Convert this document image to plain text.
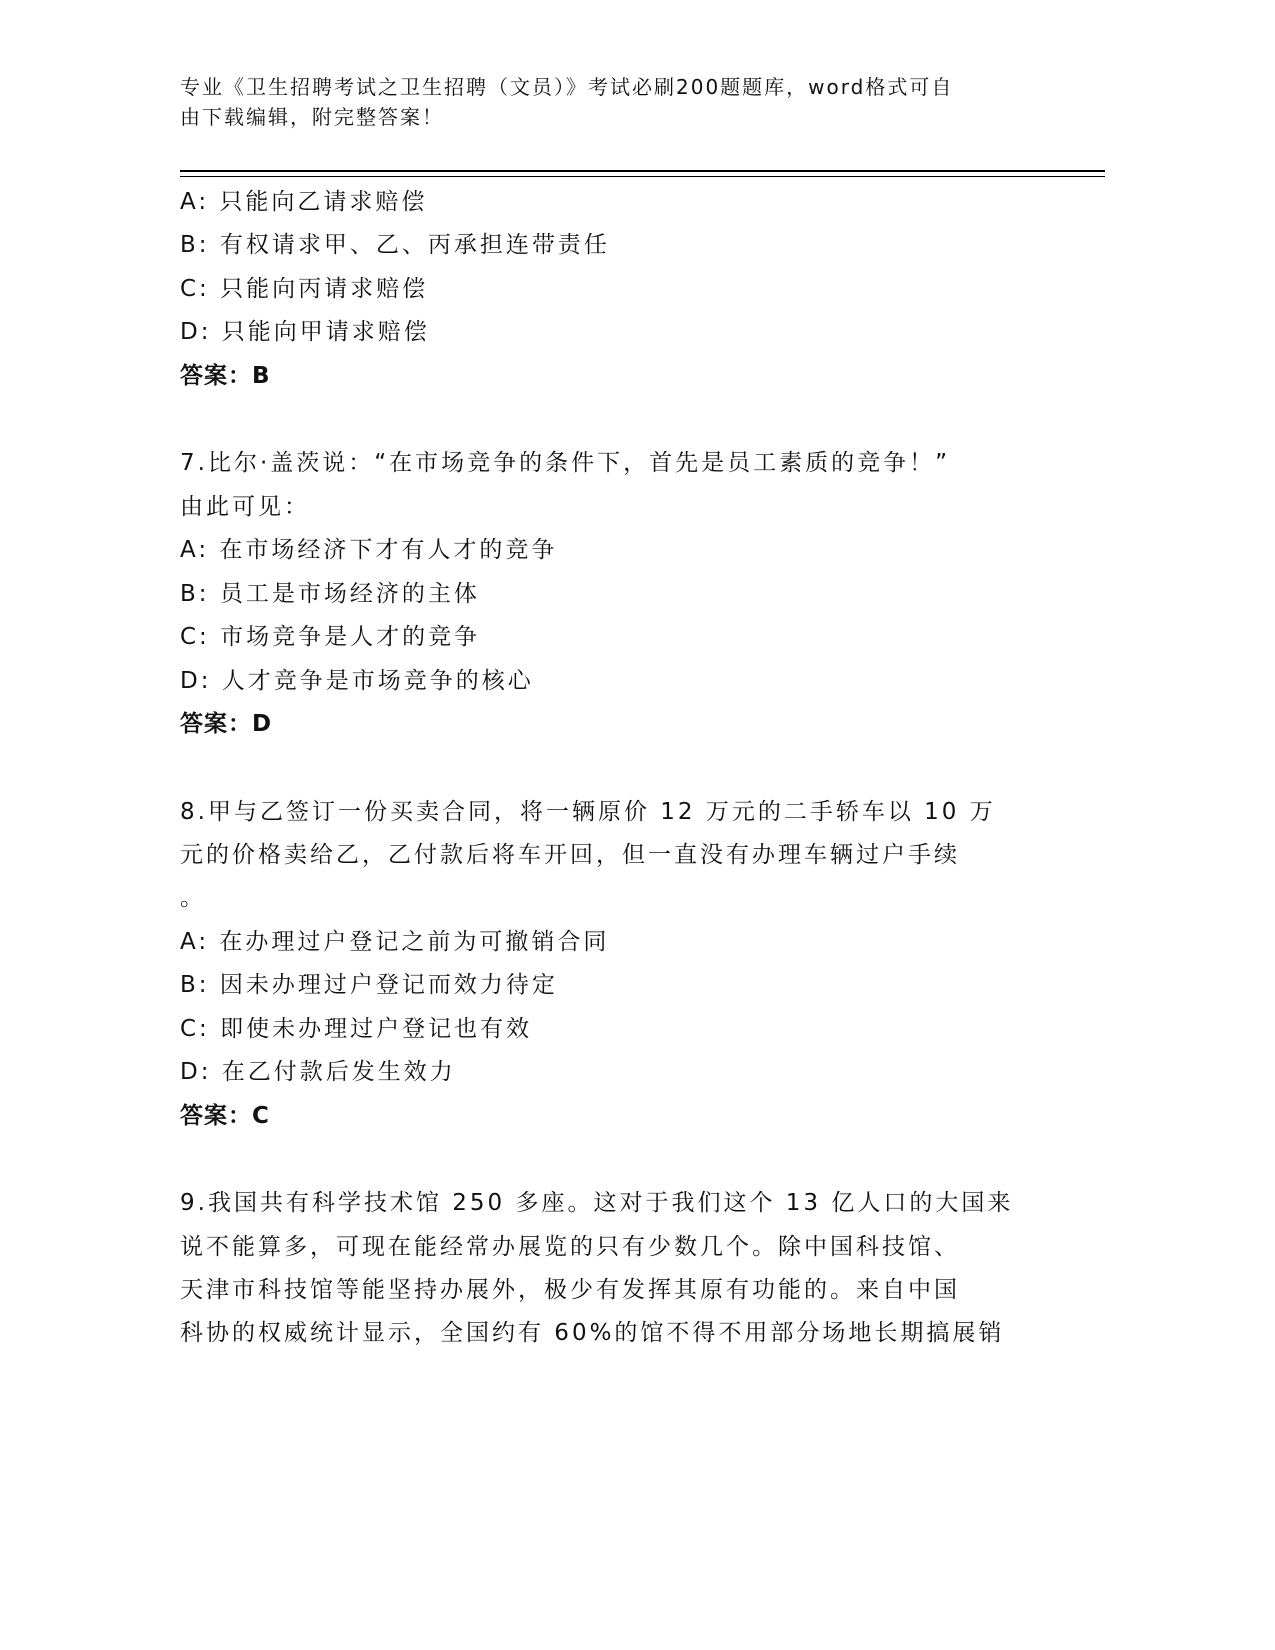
专业《卫生招聘考试之卫生招聘（文员）》考试必刷200题题库，word格式可自
由下载编辑，附完整答案！
A: 只能向乙请求赔偿
B: 有权请求甲、乙、丙承担连带责任
C: 只能向丙请求赔偿
D: 只能向甲请求赔偿
答案：B
7.比尔·盖茨说：“在市场竞争的条件下，首先是员工素质的竞争！”
由此可见：
A: 在市场经济下才有人才的竞争
B: 员工是市场经济的主体
C: 市场竞争是人才的竞争
D: 人才竞争是市场竞争的核心
答案：D
8.甲与乙签订一份买卖合同，将一辆原价 12 万元的二手轿车以 10 万
元的价格卖给乙，乙付款后将车开回，但一直没有办理车辆过户手续
。
A: 在办理过户登记之前为可撤销合同
B: 因未办理过户登记而效力待定
C: 即使未办理过户登记也有效
D: 在乙付款后发生效力
答案：C
9.我国共有科学技术馆 250 多座。这对于我们这个 13 亿人口的大国来
说不能算多，可现在能经常办展览的只有少数几个。除中国科技馆、
天津市科技馆等能坚持办展外，极少有发挥其原有功能的。来自中国
科协的权威统计显示，全国约有 60%的馆不得不用部分场地长期搞展销
